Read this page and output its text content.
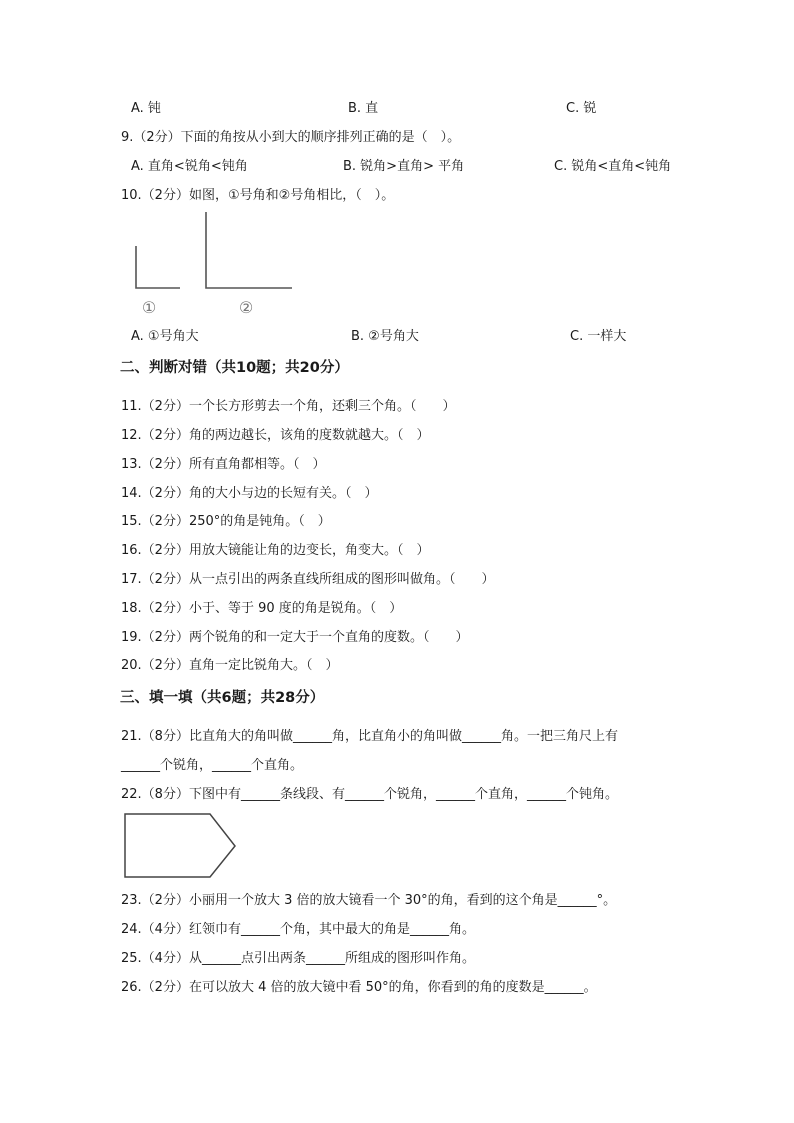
A. 钝	B. 直	C. 锐
9.（2分）下面的角按从小到大的顺序排列正确的是（　）。
A. 直角<锐角<钝角	B. 锐角>直角> 平角	C. 锐角<直角<钝角
10.（2分）如图，①号角和②号角相比，（　）。
①	②
A. ①号角大	B. ②号角大	C. 一样大
二、判断对错（共10题；共20分）
11.（2分）一个长方形剪去一个角，还剩三个角。（　　）
12.（2分）角的两边越长，该角的度数就越大。（　）
13.（2分）所有直角都相等。（　）
14.（2分）角的大小与边的长短有关。（　）
15.（2分）250°的角是钝角。（　）
16.（2分）用放大镜能让角的边变长，角变大。（　）
17.（2分）从一点引出的两条直线所组成的图形叫做角。（　　）
18.（2分）小于、等于 90 度的角是锐角。（　）
19.（2分）两个锐角的和一定大于一个直角的度数。（　　）
20.（2分）直角一定比锐角大。（　）
三、填一填（共6题；共28分）
21.（8分）比直角大的角叫做______角，比直角小的角叫做______角。一把三角尺上有
______个锐角，______个直角。
22.（8分）下图中有______条线段、有______个锐角，______个直角，______个钝角。
23.（2分）小丽用一个放大 3 倍的放大镜看一个 30°的角，看到的这个角是______°。
24.（4分）红领巾有______个角，其中最大的角是______角。
25.（4分）从______点引出两条______所组成的图形叫作角。
26.（2分）在可以放大 4 倍的放大镜中看 50°的角，你看到的角的度数是______。
